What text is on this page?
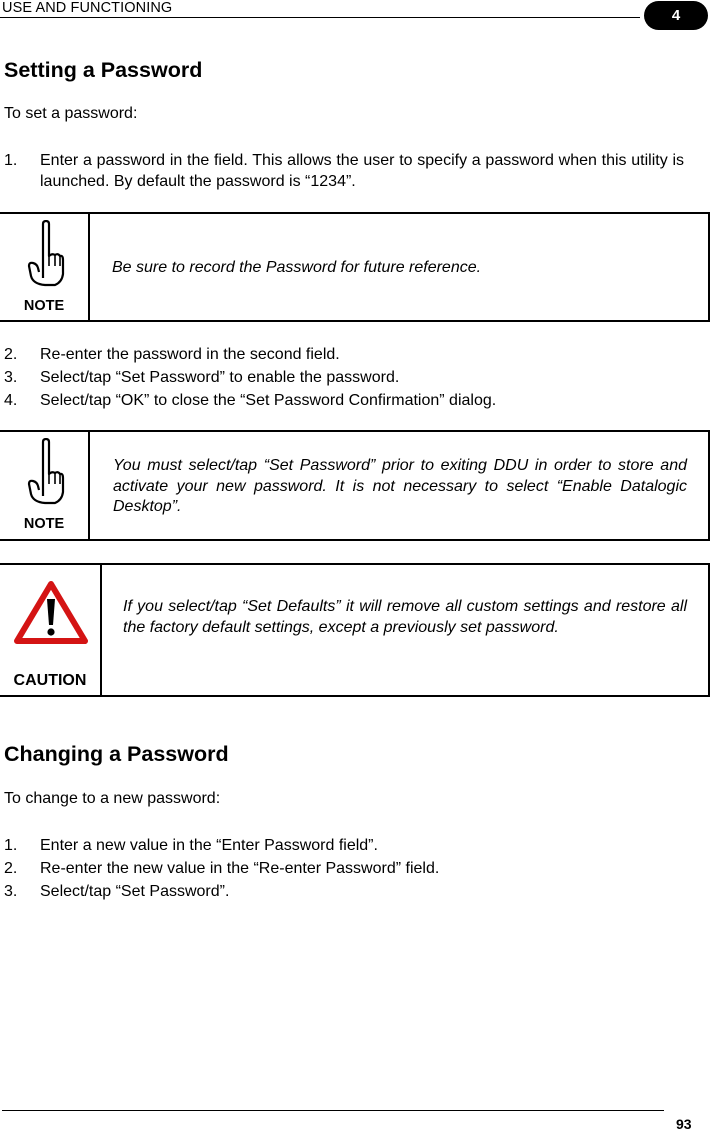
USE AND FUNCTIONING	4
Setting a Password

To set a password:

1. Enter a password in the field. This allows the user to specify a password when this utility is launched. By default the password is “1234”.
NOTE
Be sure to record the Password for future reference.
2. Re-enter the password in the second field.
3. Select/tap “Set Password” to enable the password.
4. Select/tap “OK” to close the “Set Password Confirmation” dialog.
NOTE
You must select/tap “Set Password” prior to exiting DDU in order to store and activate your new password. It is not necessary to select “Enable Datalogic Desktop”.
CAUTION
If you select/tap “Set Defaults” it will remove all custom settings and restore all the factory default settings, except a previously set password.
Changing a Password

To change to a new password:

1. Enter a new value in the “Enter Password field”.
2. Re-enter the new value in the “Re-enter Password” field.
3. Select/tap “Set Password”.
93
